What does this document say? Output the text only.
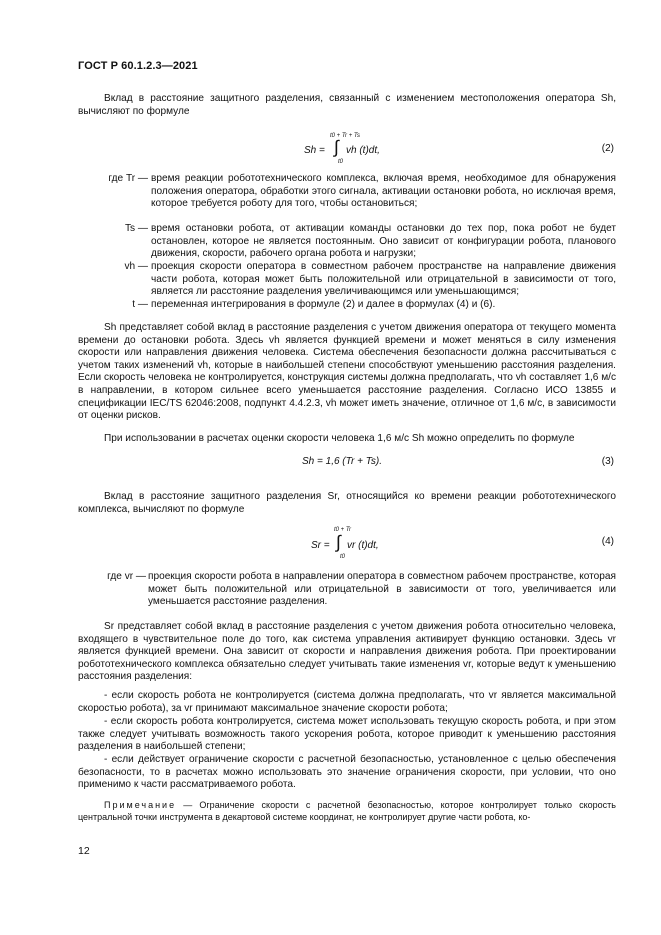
ГОСТ Р 60.1.2.3—2021

Вклад в расстояние защитного разделения, связанный с изменением местоположения оператора Sh, вычисляют по формуле

Sh =
t0 + Tr + Ts
∫
t0
vh (t)dt,	(2)
где Tr — время реакции робототехнического комплекса, включая время, необходимое для обнаружения положения оператора, обработки этого сигнала, активации остановки робота, но исключая время, которое требуется роботу для того, чтобы остановиться;
Ts — время остановки робота, от активации команды остановки до тех пор, пока робот не будет остановлен, которое не является постоянным. Оно зависит от конфигурации робота, планового движения, скорости, рабочего органа робота и нагрузки;
vh — проекция скорости оператора в совместном рабочем пространстве на направление движения части робота, которая может быть положительной или отрицательной в зависимости от того, является ли расстояние разделения увеличивающимся или уменьшающимся;
t — переменная интегрирования в формуле (2) и далее в формулах (4) и (6).

Sh представляет собой вклад в расстояние разделения с учетом движения оператора от текущего момента времени до остановки робота. Здесь vh является функцией времени и может меняться в силу изменения скорости или направления движения человека. Система обеспечения безопасности должна рассчитываться с учетом таких изменений vh, которые в наибольшей степени способствуют уменьшению расстояния разделения. Если скорость человека не контролируется, конструкция системы должна предполагать, что vh составляет 1,6 м/с в направлении, в котором сильнее всего уменьшается расстояние разделения. Согласно ИСО 13855 и спецификации IEC/TS 62046:2008, подпункт 4.4.2.3, vh может иметь значение, отличное от 1,6 м/с, в зависимости от оценки рисков.

При использовании в расчетах оценки скорости человека 1,6 м/с Sh можно определить по формуле

Sh = 1,6 (Tr + Ts).	(3)

Вклад в расстояние защитного разделения Sr, относящийся ко времени реакции робототехнического комплекса, вычисляют по формуле

Sr =
t0 + Tr
∫
t0
vr (t)dt,	(4)
где vr — проекция скорости робота в направлении оператора в совместном рабочем пространстве, которая может быть положительной или отрицательной в зависимости от того, увеличивается или уменьшается расстояние разделения.

Sr представляет собой вклад в расстояние разделения с учетом движения робота относительно человека, входящего в чувствительное поле до того, как система управления активирует функцию остановки. Здесь vr является функцией времени. Она зависит от скорости и направления движения робота. При проектировании робототехнического комплекса обязательно следует учитывать такие изменения vr, которые ведут к уменьшению расстояния разделения:

- если скорость робота не контролируется (система должна предполагать, что vr является максимальной скоростью робота), за vr принимают максимальное значение скорости робота;

- если скорость робота контролируется, система может использовать текущую скорость робота, и при этом также следует учитывать возможность такого ускорения робота, которое приводит к уменьшению расстояния разделения в наибольшей степени;

- если действует ограничение скорости с расчетной безопасностью, установленное с целью обеспечения безопасности, то в расчетах можно использовать это значение ограничения скорости, при условии, что оно применимо к части рассматриваемого робота.

Примечание — Ограничение скорости с расчетной безопасностью, которое контролирует только скорость центральной точки инструмента в декартовой системе координат, не контролирует другие части робота, ко-

12
